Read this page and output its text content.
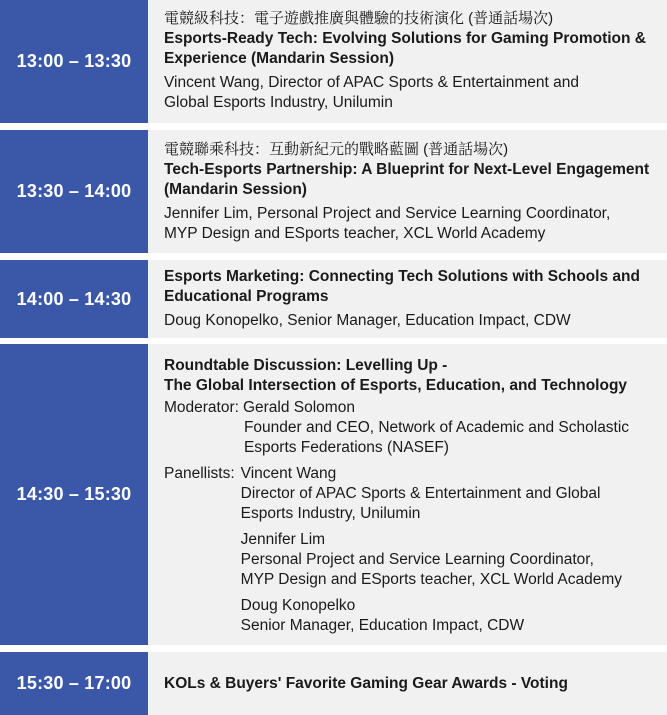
13:00 – 13:30
電競級科技：電子遊戲推廣與體驗的技術演化 (普通話場次)
Esports-Ready Tech: Evolving Solutions for Gaming Promotion &
Experience (Mandarin Session)
Vincent Wang, Director of APAC Sports & Entertainment and
Global Esports Industry, Unilumin
13:30 – 14:00
電競聯乘科技：互動新紀元的戰略藍圖 (普通話場次)
Tech-Esports Partnership: A Blueprint for Next-Level Engagement
(Mandarin Session)
Jennifer Lim, Personal Project and Service Learning Coordinator,
MYP Design and ESports teacher, XCL World Academy
14:00 – 14:30
Esports Marketing: Connecting Tech Solutions with Schools and
Educational Programs
Doug Konopelko, Senior Manager, Education Impact, CDW
14:30 – 15:30
Roundtable Discussion: Levelling Up -
The Global Intersection of Esports, Education, and Technology
Moderator: Gerald Solomon
Founder and CEO, Network of Academic and Scholastic
Esports Federations (NASEF)
Panellists: Vincent Wang
Director of APAC Sports & Entertainment and Global
Esports Industry, Unilumin
Jennifer Lim
Personal Project and Service Learning Coordinator,
MYP Design and ESports teacher, XCL World Academy
Doug Konopelko
Senior Manager, Education Impact, CDW
15:30 – 17:00	KOLs & Buyers' Favorite Gaming Gear Awards - Voting
